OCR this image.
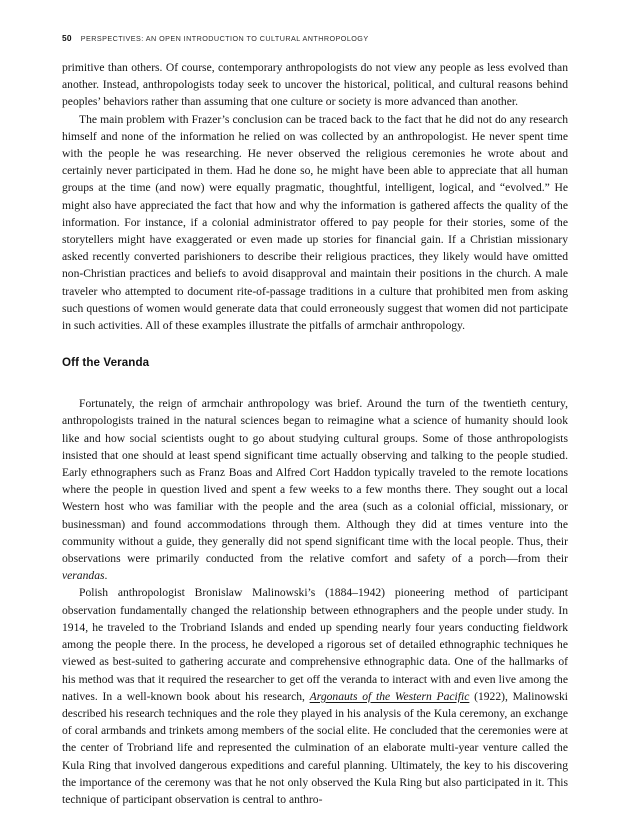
50 PERSPECTIVES: AN OPEN INTRODUCTION TO CULTURAL ANTHROPOLOGY

primitive than others. Of course, contemporary anthropologists do not view any people as less evolved than another. Instead, anthropologists today seek to uncover the historical, political, and cultural reasons behind peoples’ behaviors rather than assuming that one culture or society is more advanced than another.

The main problem with Frazer’s conclusion can be traced back to the fact that he did not do any research himself and none of the information he relied on was collected by an anthropologist. He never spent time with the people he was researching. He never observed the religious ceremonies he wrote about and certainly never participated in them. Had he done so, he might have been able to appreciate that all human groups at the time (and now) were equally pragmatic, thoughtful, intelligent, logical, and “evolved.” He might also have appreciated the fact that how and why the information is gathered affects the quality of the information. For instance, if a colonial administrator offered to pay people for their stories, some of the storytellers might have exaggerated or even made up stories for financial gain. If a Christian missionary asked recently converted parishioners to describe their religious practices, they likely would have omitted non-Christian practices and beliefs to avoid disapproval and maintain their positions in the church. A male traveler who attempted to document rite-of-passage traditions in a culture that prohibited men from asking such questions of women would generate data that could erroneously suggest that women did not participate in such activities. All of these examples illustrate the pitfalls of armchair anthropology.

Off the Veranda

Fortunately, the reign of armchair anthropology was brief. Around the turn of the twentieth century, anthropologists trained in the natural sciences began to reimagine what a science of humanity should look like and how social scientists ought to go about studying cultural groups. Some of those anthropologists insisted that one should at least spend significant time actually observing and talking to the people studied. Early ethnographers such as Franz Boas and Alfred Cort Haddon typically traveled to the remote locations where the people in question lived and spent a few weeks to a few months there. They sought out a local Western host who was familiar with the people and the area (such as a colonial official, missionary, or businessman) and found accommodations through them. Although they did at times venture into the community without a guide, they generally did not spend significant time with the local people. Thus, their observations were primarily conducted from the relative comfort and safety of a porch—from their verandas.

Polish anthropologist Bronislaw Malinowski’s (1884–1942) pioneering method of participant observation fundamentally changed the relationship between ethnographers and the people under study. In 1914, he traveled to the Trobriand Islands and ended up spending nearly four years conducting fieldwork among the people there. In the process, he developed a rigorous set of detailed ethnographic techniques he viewed as best-suited to gathering accurate and comprehensive ethnographic data. One of the hallmarks of his method was that it required the researcher to get off the veranda to interact with and even live among the natives. In a well-known book about his research, Argonauts of the Western Pacific (1922), Malinowski described his research techniques and the role they played in his analysis of the Kula ceremony, an exchange of coral armbands and trinkets among members of the social elite. He concluded that the ceremonies were at the center of Trobriand life and represented the culmination of an elaborate multi-year venture called the Kula Ring that involved dangerous expeditions and careful planning. Ultimately, the key to his discovering the importance of the ceremony was that he not only observed the Kula Ring but also participated in it. This technique of participant observation is central to anthro-
